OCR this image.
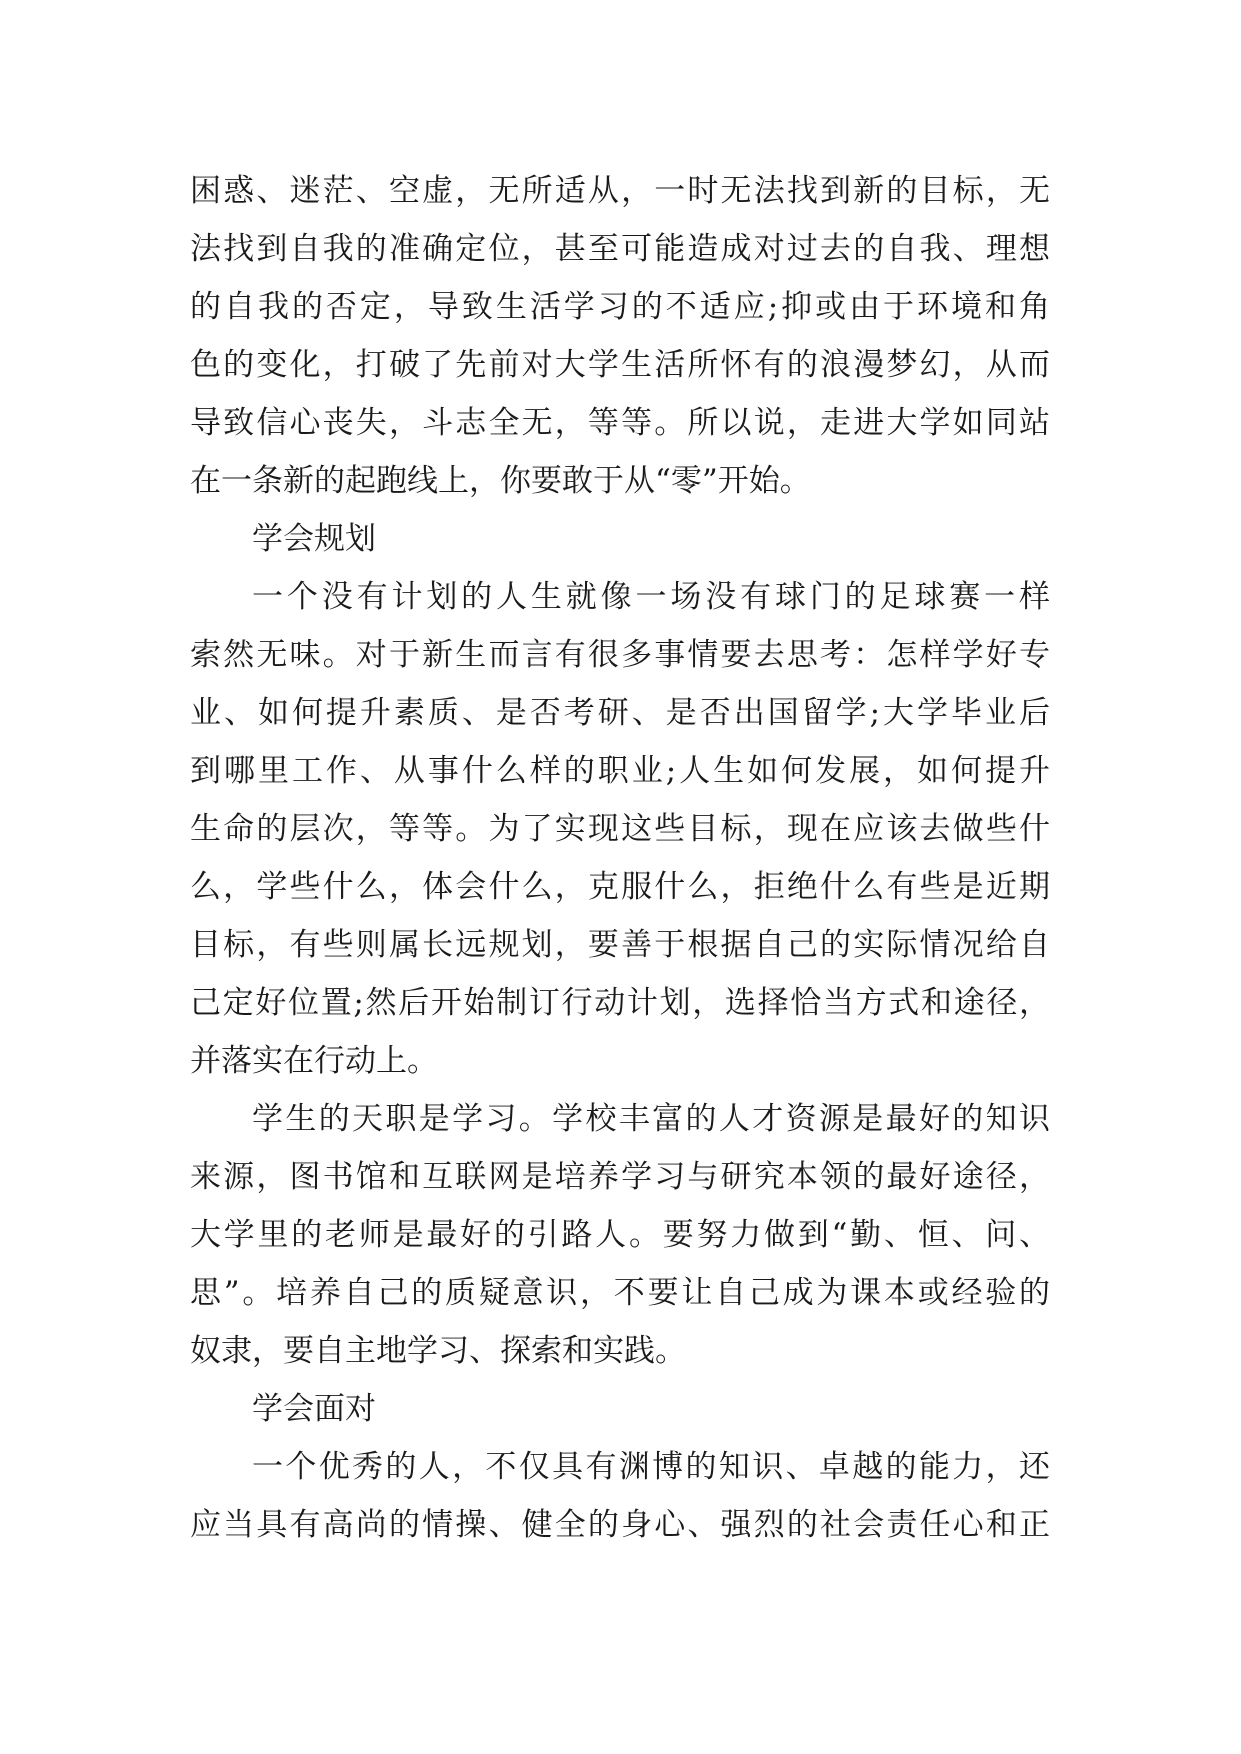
困惑、迷茫、空虚，无所适从，一时无法找到新的目标，无
法找到自我的准确定位，甚至可能造成对过去的自我、理想
的自我的否定，导致生活学习的不适应;抑或由于环境和角
色的变化，打破了先前对大学生活所怀有的浪漫梦幻，从而
导致信心丧失，斗志全无，等等。所以说，走进大学如同站
在一条新的起跑线上，你要敢于从“零”开始。
学会规划
一个没有计划的人生就像一场没有球门的足球赛一样
索然无味。对于新生而言有很多事情要去思考：怎样学好专
业、如何提升素质、是否考研、是否出国留学;大学毕业后
到哪里工作、从事什么样的职业;人生如何发展，如何提升
生命的层次，等等。为了实现这些目标，现在应该去做些什
么，学些什么，体会什么，克服什么，拒绝什么有些是近期
目标，有些则属长远规划，要善于根据自己的实际情况给自
己定好位置;然后开始制订行动计划，选择恰当方式和途径，
并落实在行动上。
学生的天职是学习。学校丰富的人才资源是最好的知识
来源，图书馆和互联网是培养学习与研究本领的最好途径，
大学里的老师是最好的引路人。要努力做到“勤、恒、问、
思”。培养自己的质疑意识，不要让自己成为课本或经验的
奴隶，要自主地学习、探索和实践。
学会面对
一个优秀的人，不仅具有渊博的知识、卓越的能力，还
应当具有高尚的情操、健全的身心、强烈的社会责任心和正
